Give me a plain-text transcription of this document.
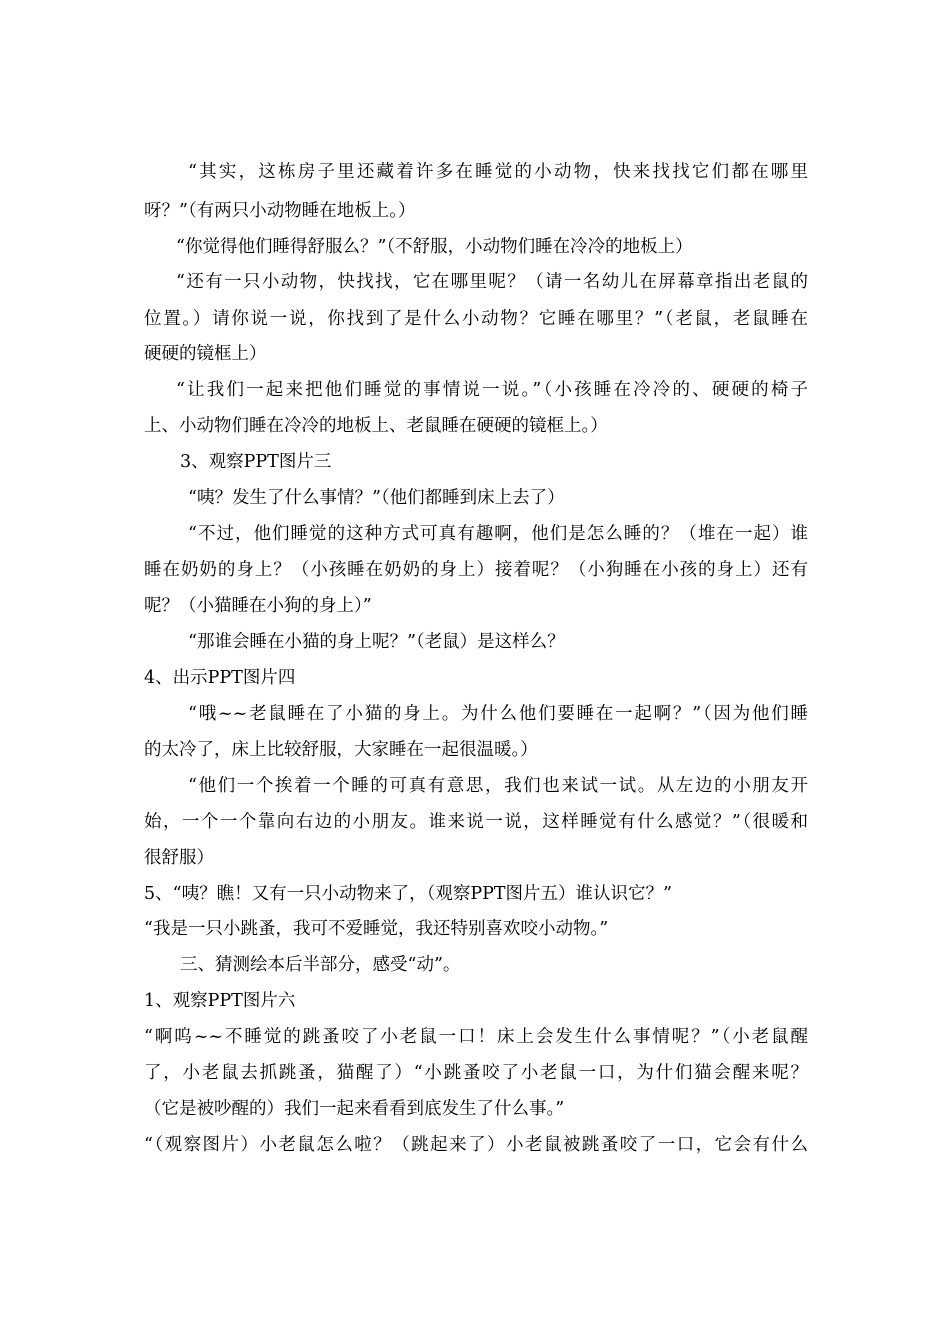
“其实，这栋房子里还藏着许多在睡觉的小动物，快来找找它们都在哪里
呀？”（有两只小动物睡在地板上。）
“你觉得他们睡得舒服么？”（不舒服，小动物们睡在冷冷的地板上）
“还有一只小动物，快找找，它在哪里呢？（请一名幼儿在屏幕章指出老鼠的
位置。）请你说一说，你找到了是什么小动物？它睡在哪里？”（老鼠，老鼠睡在
硬硬的镜框上）
“让我们一起来把他们睡觉的事情说一说。”（小孩睡在冷冷的、硬硬的椅子
上、小动物们睡在冷冷的地板上、老鼠睡在硬硬的镜框上。）
3、观察PPT图片三
“咦？发生了什么事情？”（他们都睡到床上去了）
“不过，他们睡觉的这种方式可真有趣啊，他们是怎么睡的？（堆在一起）谁
睡在奶奶的身上？（小孩睡在奶奶的身上）接着呢？（小狗睡在小孩的身上）还有
呢？（小猫睡在小狗的身上）”
“那谁会睡在小猫的身上呢？”（老鼠）是这样么？
4、出示PPT图片四
“哦~~老鼠睡在了小猫的身上。为什么他们要睡在一起啊？”（因为他们睡
的太冷了，床上比较舒服，大家睡在一起很温暖。）
“他们一个挨着一个睡的可真有意思，我们也来试一试。从左边的小朋友开
始，一个一个靠向右边的小朋友。谁来说一说，这样睡觉有什么感觉？”（很暖和
很舒服）
5、“咦？瞧！又有一只小动物来了，（观察PPT图片五）谁认识它？”
“我是一只小跳蚤，我可不爱睡觉，我还特别喜欢咬小动物。”
三、猜测绘本后半部分，感受“动”。
1、观察PPT图片六
“啊呜~~不睡觉的跳蚤咬了小老鼠一口！床上会发生什么事情呢？”（小老鼠醒
了，小老鼠去抓跳蚤，猫醒了）“小跳蚤咬了小老鼠一口，为什们猫会醒来呢？
（它是被吵醒的）我们一起来看看到底发生了什么事。”
“（观察图片）小老鼠怎么啦？（跳起来了）小老鼠被跳蚤咬了一口，它会有什么
